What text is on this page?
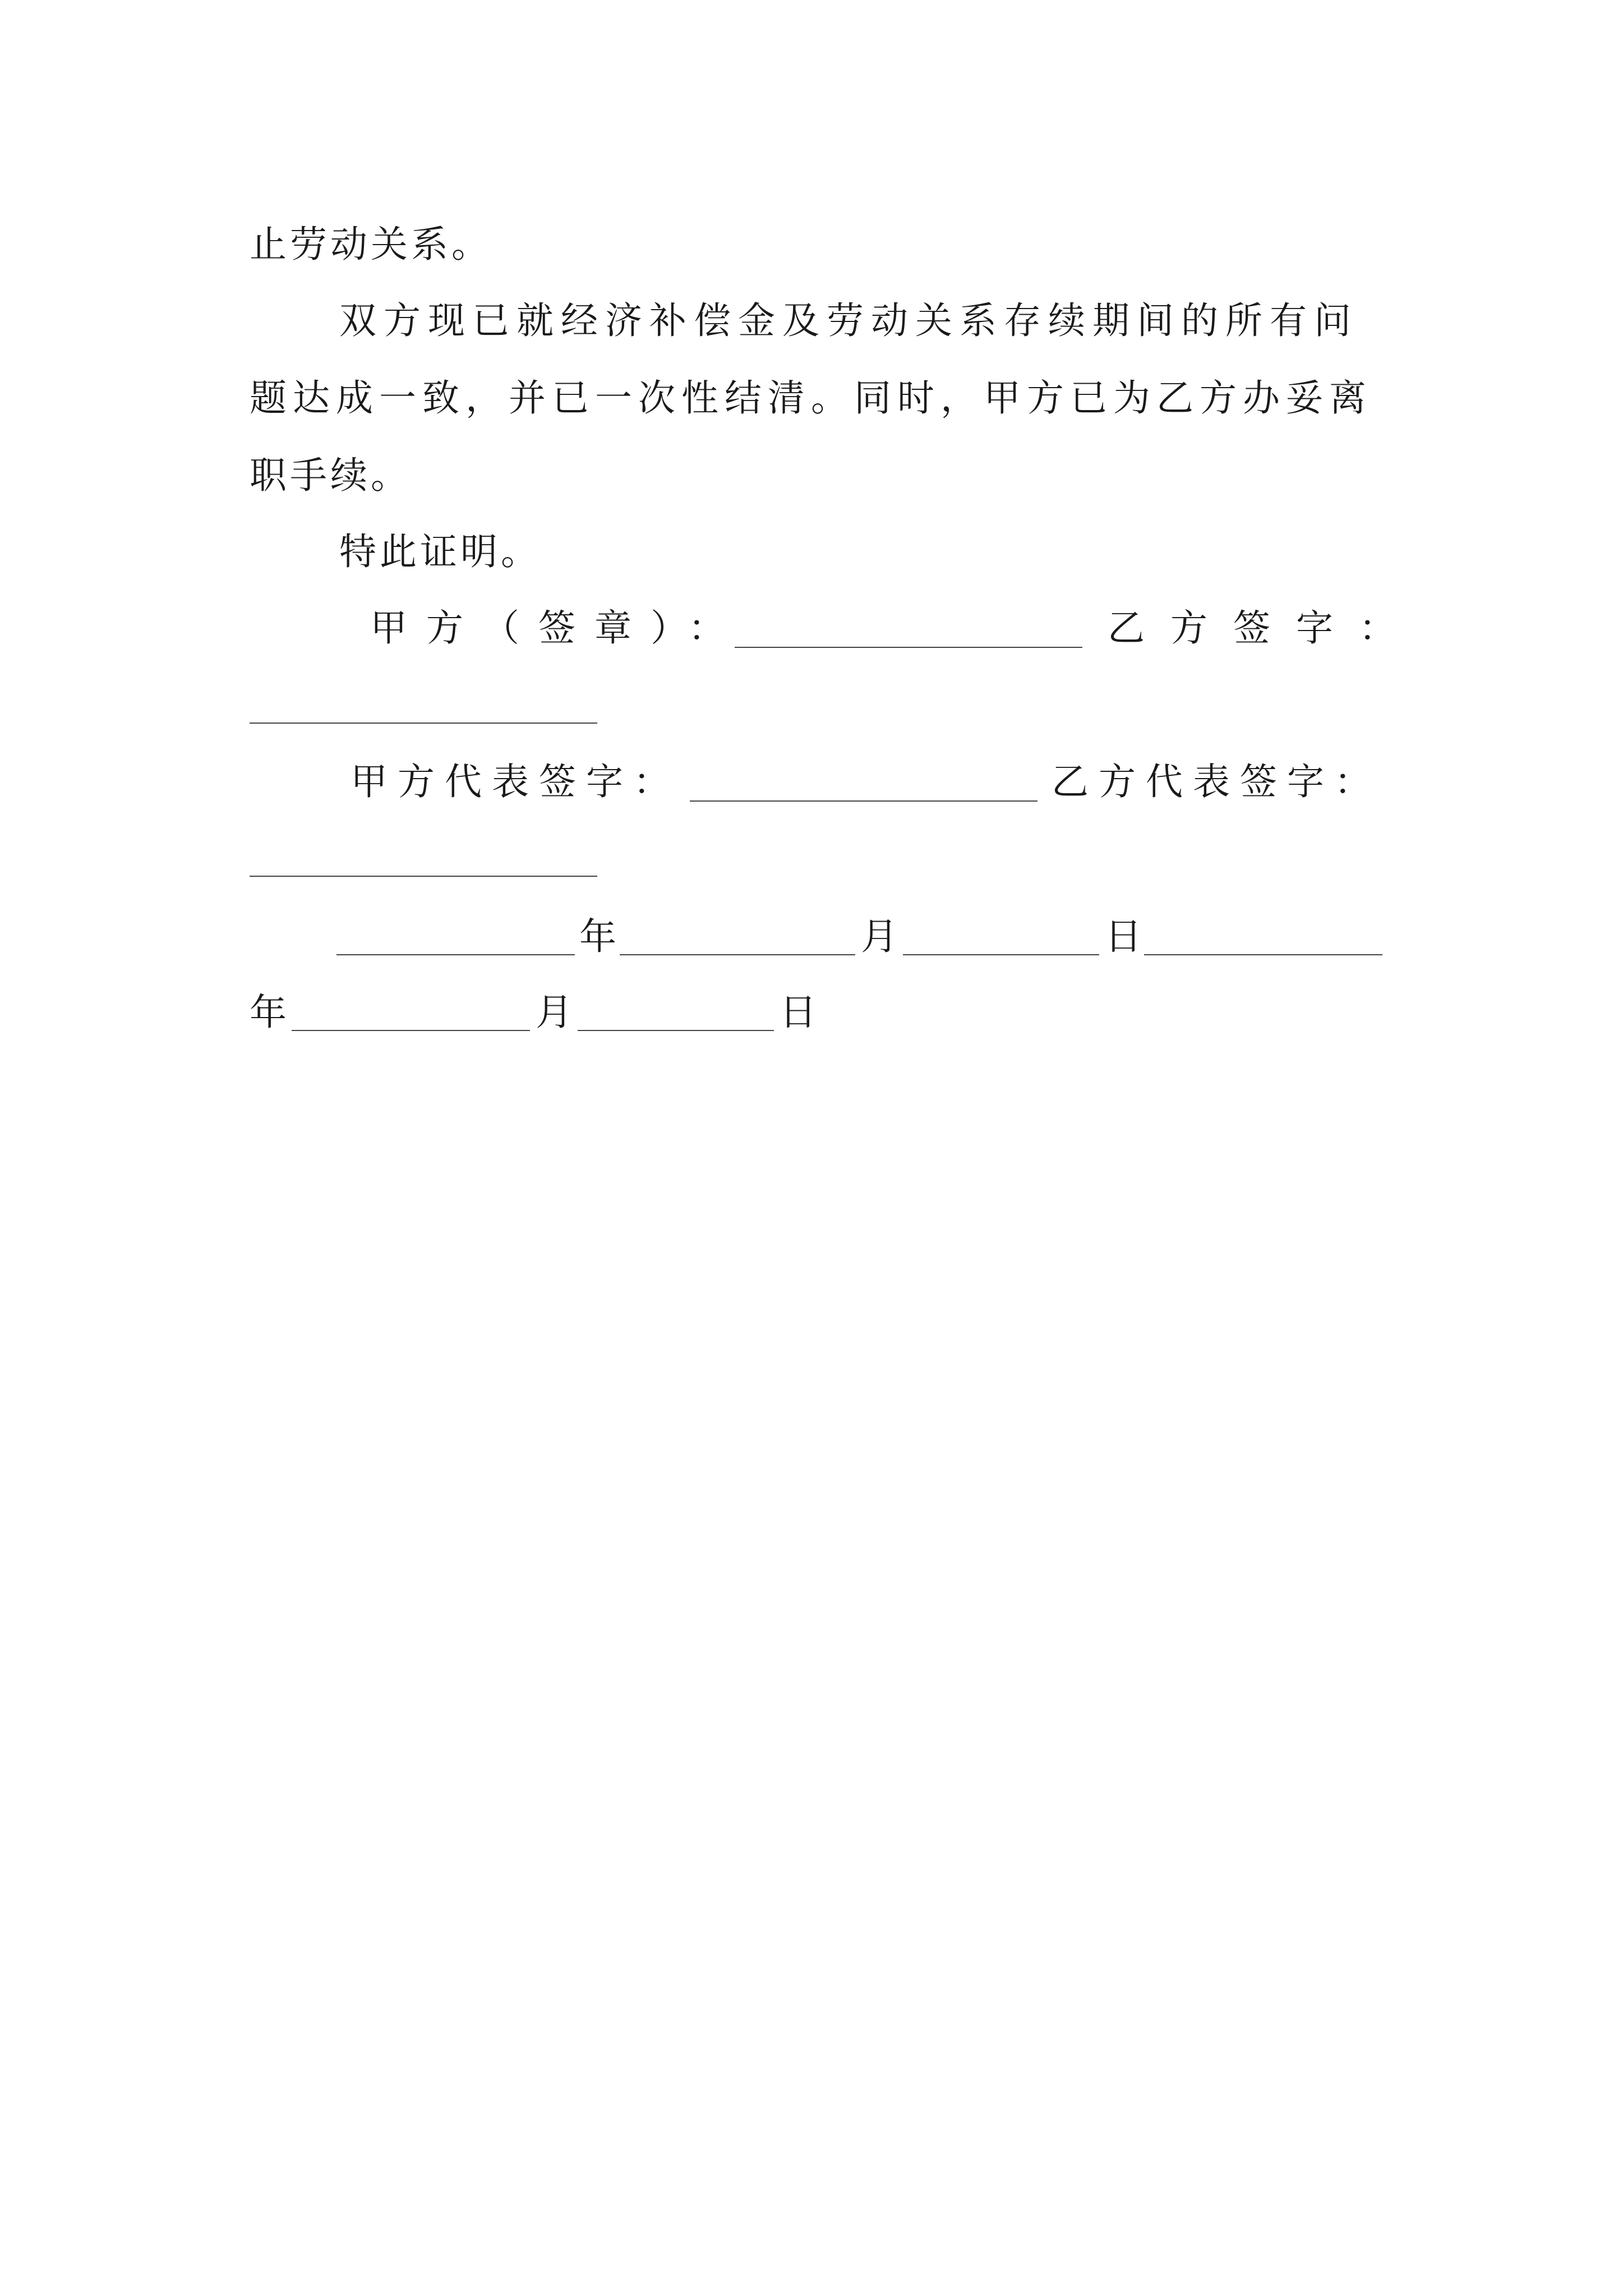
止劳动关系。
双方现已就经济补偿金及劳动关系存续期间的所有问
题达成一致，并已一次性结清。同时，甲方已为乙方办妥离
职手续。
特此证明。
甲方（签章）：	乙方签字：
甲方代表签字：	乙方代表签字：
年	月	日
年	月	日
